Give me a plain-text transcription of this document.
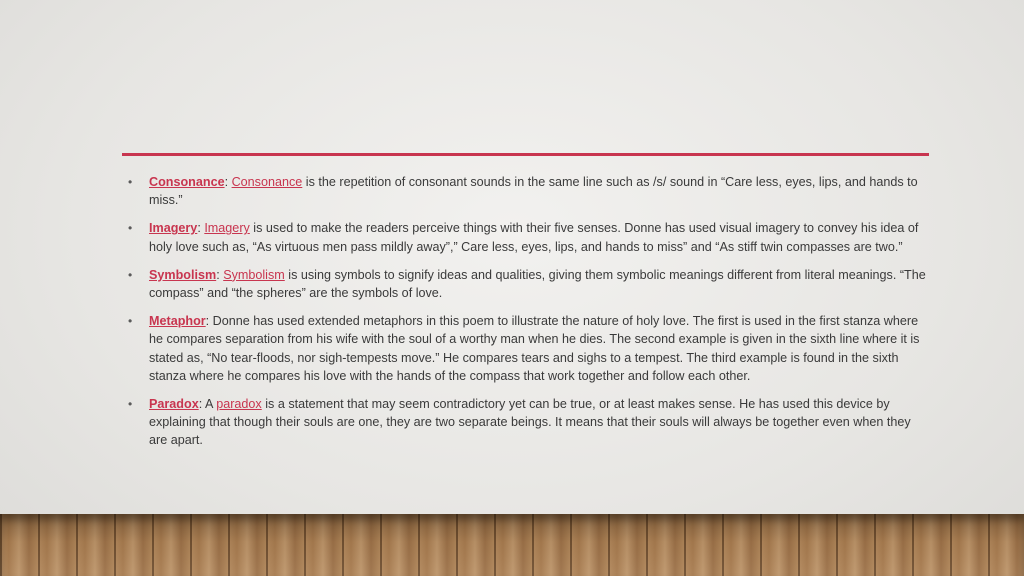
• Consonance: Consonance is the repetition of consonant sounds in the same line such as /s/ sound in “Care less, eyes, lips, and hands to miss.”
• Imagery: Imagery is used to make the readers perceive things with their five senses. Donne has used visual imagery to convey his idea of holy love such as, “As virtuous men pass mildly away”,” Care less, eyes, lips, and hands to miss” and “As stiff twin compasses are two.”
• Symbolism: Symbolism is using symbols to signify ideas and qualities, giving them symbolic meanings different from literal meanings. “The compass” and “the spheres” are the symbols of love.
• Metaphor: Donne has used extended metaphors in this poem to illustrate the nature of holy love. The first is used in the first stanza where he compares separation from his wife with the soul of a worthy man when he dies. The second example is given in the sixth line where it is stated as, “No tear-floods, nor sigh-tempests move.” He compares tears and sighs to a tempest. The third example is found in the sixth stanza where he compares his love with the hands of the compass that work together and follow each other.
• Paradox: A paradox is a statement that may seem contradictory yet can be true, or at least makes sense. He has used this device by explaining that though their souls are one, they are two separate beings. It means that their souls will always be together even when they are apart.
